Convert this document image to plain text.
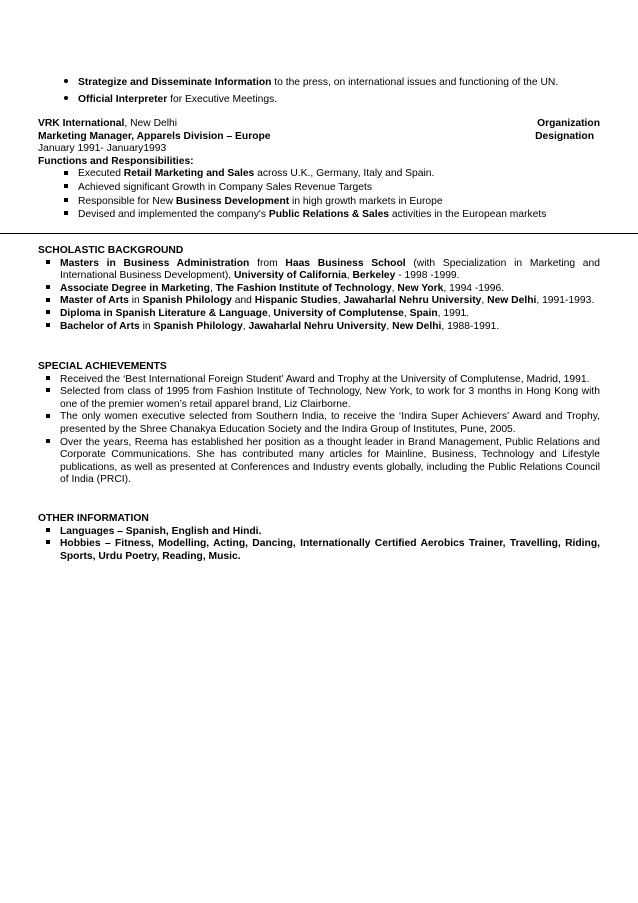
Strategize and Disseminate Information to the press, on international issues and functioning of the UN.
Official Interpreter for Executive Meetings.
VRK International, New Delhi	Organization
Marketing Manager, Apparels Division – Europe	Designation
January 1991- January1993
Functions and Responsibilities:
Executed Retail Marketing and Sales across U.K., Germany, Italy and Spain.
Achieved significant Growth in Company Sales Revenue Targets
Responsible for New Business Development in high growth markets in Europe
Devised and implemented the company's Public Relations & Sales activities in the European markets
SCHOLASTIC BACKGROUND
Masters in Business Administration from Haas Business School (with Specialization in Marketing and International Business Development), University of California, Berkeley - 1998 -1999.
Associate Degree in Marketing, The Fashion Institute of Technology, New York, 1994 -1996.
Master of Arts in Spanish Philology and Hispanic Studies, Jawaharlal Nehru University, New Delhi, 1991-1993.
Diploma in Spanish Literature & Language, University of Complutense, Spain, 1991.
Bachelor of Arts in Spanish Philology, Jawaharlal Nehru University, New Delhi, 1988-1991.
SPECIAL ACHIEVEMENTS
Received the ‘Best International Foreign Student’ Award and Trophy at the University of Complutense, Madrid, 1991.
Selected from class of 1995 from Fashion Institute of Technology, New York, to work for 3 months in Hong Kong with one of the premier women’s retail apparel brand, Liz Clairborne.
The only women executive selected from Southern India, to receive the ‘Indira Super Achievers’ Award and Trophy, presented by the Shree Chanakya Education Society and the Indira Group of Institutes, Pune, 2005.
Over the years, Reema has established her position as a thought leader in Brand Management, Public Relations and Corporate Communications. She has contributed many articles for Mainline, Business, Technology and Lifestyle publications, as well as presented at Conferences and Industry events globally, including the Public Relations Council of India (PRCI).
OTHER INFORMATION
Languages – Spanish, English and Hindi.
Hobbies – Fitness, Modelling, Acting, Dancing, Internationally Certified Aerobics Trainer, Travelling, Riding, Sports, Urdu Poetry, Reading, Music.
